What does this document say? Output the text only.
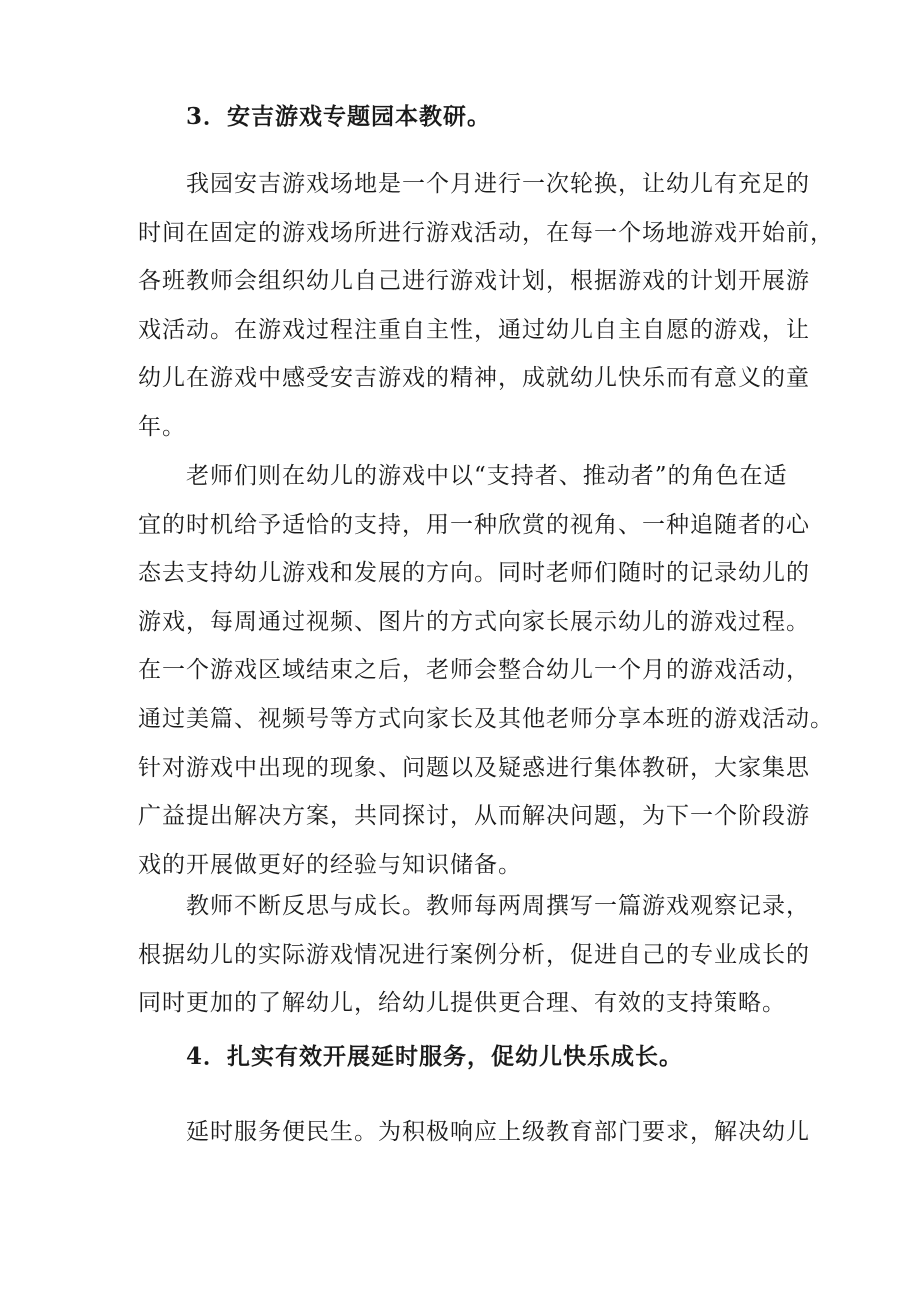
3．安吉游戏专题园本教研。
我园安吉游戏场地是一个月进行一次轮换，让幼儿有充足的
时间在固定的游戏场所进行游戏活动，在每一个场地游戏开始前，
各班教师会组织幼儿自己进行游戏计划，根据游戏的计划开展游
戏活动。在游戏过程注重自主性，通过幼儿自主自愿的游戏，让
幼儿在游戏中感受安吉游戏的精神，成就幼儿快乐而有意义的童
年。
老师们则在幼儿的游戏中以“支持者、推动者”的角色在适
宜的时机给予适恰的支持，用一种欣赏的视角、一种追随者的心
态去支持幼儿游戏和发展的方向。同时老师们随时的记录幼儿的
游戏，每周通过视频、图片的方式向家长展示幼儿的游戏过程。
在一个游戏区域结束之后，老师会整合幼儿一个月的游戏活动，
通过美篇、视频号等方式向家长及其他老师分享本班的游戏活动。
针对游戏中出现的现象、问题以及疑惑进行集体教研，大家集思
广益提出解决方案，共同探讨，从而解决问题，为下一个阶段游
戏的开展做更好的经验与知识储备。
教师不断反思与成长。教师每两周撰写一篇游戏观察记录，
根据幼儿的实际游戏情况进行案例分析，促进自己的专业成长的
同时更加的了解幼儿，给幼儿提供更合理、有效的支持策略。
4．扎实有效开展延时服务，促幼儿快乐成长。
延时服务便民生。为积极响应上级教育部门要求，解决幼儿
